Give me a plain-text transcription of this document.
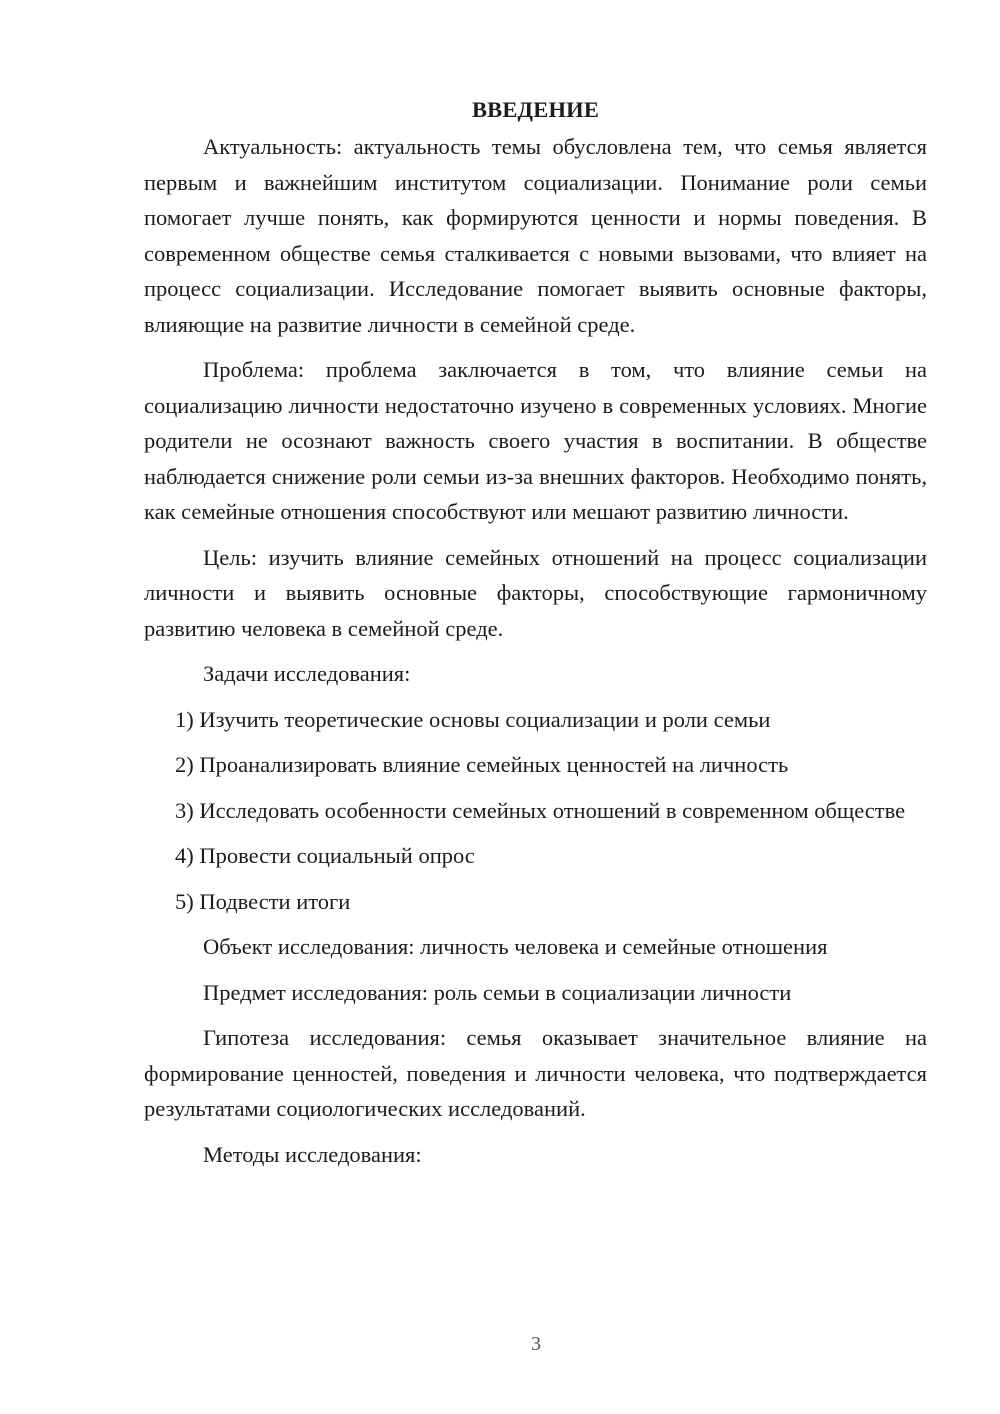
ВВЕДЕНИЕ

Актуальность: актуальность темы обусловлена тем, что семья является первым и важнейшим институтом социализации. Понимание роли семьи помогает лучше понять, как формируются ценности и нормы поведения. В современном обществе семья сталкивается с новыми вызовами, что влияет на процесс социализации. Исследование помогает выявить основные факторы, влияющие на развитие личности в семейной среде.

Проблема: проблема заключается в том, что влияние семьи на социализацию личности недостаточно изучено в современных условиях. Многие родители не осознают важность своего участия в воспитании. В обществе наблюдается снижение роли семьи из-за внешних факторов. Необходимо понять, как семейные отношения способствуют или мешают развитию личности.

Цель: изучить влияние семейных отношений на процесс социализации личности и выявить основные факторы, способствующие гармоничному развитию человека в семейной среде.

Задачи исследования:

1) Изучить теоретические основы социализации и роли семьи

2) Проанализировать влияние семейных ценностей на личность

3) Исследовать особенности семейных отношений в современном обществе

4) Провести социальный опрос

5) Подвести итоги

Объект исследования: личность человека и семейные отношения

Предмет исследования: роль семьи в социализации личности

Гипотеза исследования: семья оказывает значительное влияние на формирование ценностей, поведения и личности человека, что подтверждается результатами социологических исследований.

Методы исследования:

3
